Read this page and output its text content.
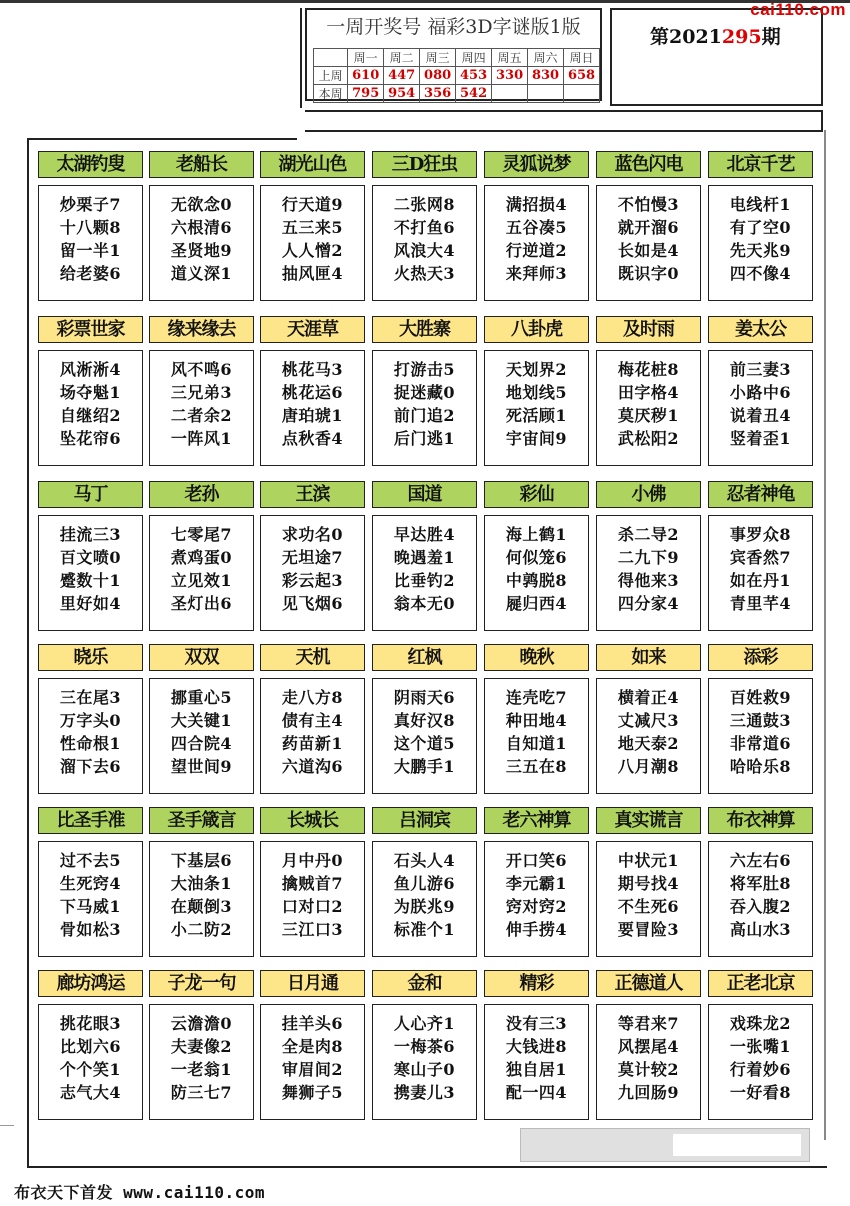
一周开奖号 福彩3D字谜版1版
	周一	周二	周三	周四	周五	周六	周日
上周	610	447	080	453	330	830	658
本周	795	954	356	542			
第2021295期
cai110.com
太湖钓叟
炒栗子7
十八颗8
留一半1
给老婆6
老船长
无欲念0
六根清6
圣贤地9
道义深1
湖光山色
行天道9
五三来5
人人憎2
抽风匣4
三D狂虫
二张网8
不打鱼6
风浪大4
火热天3
灵狐说梦
满招损4
五谷凑5
行逆道2
来拜师3
蓝色闪电
不怕慢3
就开溜6
长如是4
既识字0
北京千艺
电线杆1
有了空0
先天兆9
四不像4
彩票世家
风淅淅4
场夺魁1
自继绍2
坠花帘6
缘来缘去
风不鸣6
三兄弟3
二者余2
一阵风1
天涯草
桃花马3
桃花运6
唐珀琥1
点秋香4
大胜寨
打游击5
捉迷藏0
前门追2
后门逃1
八卦虎
天划界2
地划线5
死活顾1
宇宙间9
及时雨
梅花桩8
田字格4
莫厌秽1
武松阳2
姜太公
前三妻3
小路中6
说着丑4
竖着歪1
马丁
挂流三3
百文喷0
蹙数十1
里好如4
老孙
七零尾7
煮鸡蛋0
立见效1
圣灯出6
王滨
求功名0
无坦途7
彩云起3
见飞烟6
国道
早达胜4
晚遇羞1
比垂钓2
翁本无0
彩仙
海上鹤1
何似笼6
中鹑脱8
屣归西4
小佛
杀二导2
二九下9
得他来3
四分家4
忍者神龟
事罗众8
宾香然7
如在丹1
青里芊4
晓乐
三在尾3
万字头0
性命根1
溜下去6
双双
挪重心5
大关键1
四合院4
望世间9
天机
走八方8
债有主4
药苗新1
六道沟6
红枫
阴雨天6
真好汉8
这个道5
大鹏手1
晚秋
连壳吃7
种田地4
自知道1
三五在8
如来
横着正4
丈减尺3
地天泰2
八月潮8
添彩
百姓救9
三通鼓3
非常道6
哈哈乐8
比圣手准
过不去5
生死窍4
下马威1
骨如松3
圣手箴言
下基层6
大油条1
在颠倒3
小二防2
长城长
月中丹0
擒贼首7
口对口2
三江口3
吕洞宾
石头人4
鱼儿游6
为朕兆9
标准个1
老六神算
开口笑6
李元霸1
窍对窍2
伸手捞4
真实谎言
中状元1
期号找4
不生死6
要冒险3
布衣神算
六左右6
将军肚8
吞入腹2
高山水3
廊坊鸿运
挑花眼3
比划六6
个个笑1
志气大4
子龙一句
云澹澹0
夫妻像2
一老翁1
防三七7
日月通
挂羊头6
全是肉8
审眉间2
舞狮子5
金和
人心齐1
一梅茶6
寒山子0
携妻儿3
精彩
没有三3
大钱进8
独自居1
配一四4
正德道人
等君来7
风摆尾4
莫计较2
九回肠9
正老北京
戏珠龙2
一张嘴1
行着妙6
一好看8
布衣天下首发 www.cai110.com
